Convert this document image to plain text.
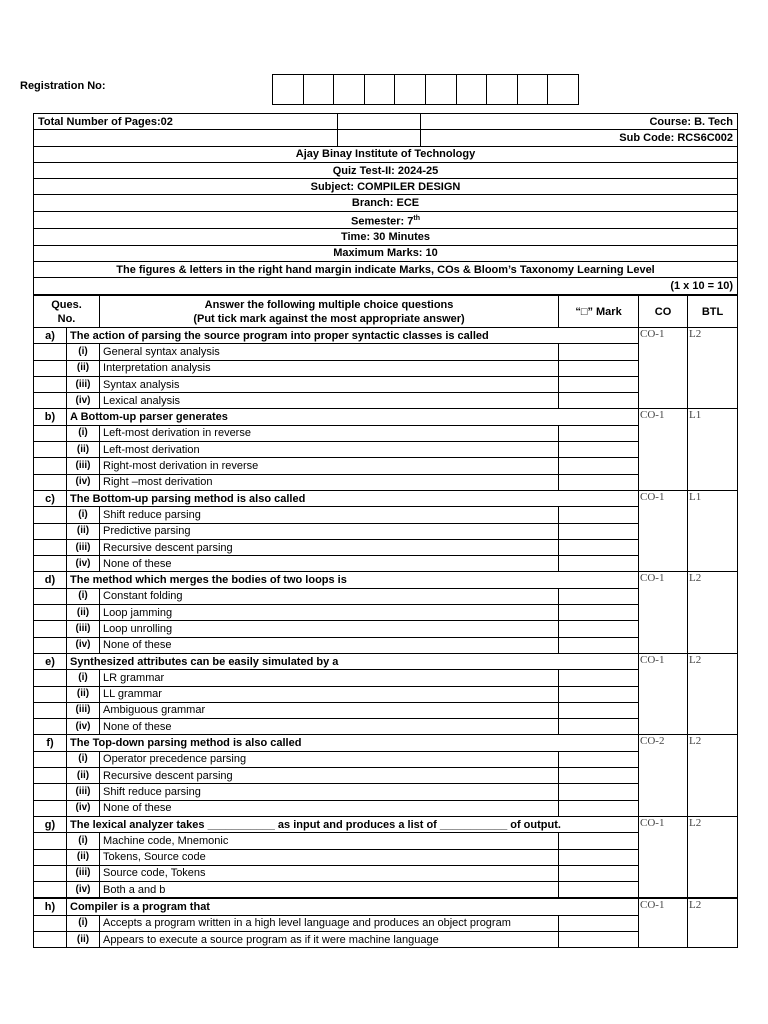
Registration No:
Total Number of Pages:02		Course: B. Tech
		Sub Code: RCS6C002
Ajay Binay Institute of Technology		
Quiz Test-II: 2024-25		
Subject: COMPILER DESIGN		
Branch: ECE		
Semester: 7th
Time: 30 Minutes		
Maximum Marks: 10		
The figures & letters in the right hand margin indicate Marks, COs & Bloom’s Taxonomy Learning Level		
(1 x 10 = 10)		
Ques.
No.		Answer the following multiple choice questions
(Put tick mark against the most appropriate answer)	“□” Mark	CO	BTL
a)	The action of parsing the source program into proper syntactic classes is called			CO-1	L2
	(i)	General syntax analysis			
	(ii)	Interpretation analysis			
	(iii)	Syntax analysis			
	(iv)	Lexical analysis			
b)	A Bottom-up parser generates			CO-1	L1
	(i)	Left-most derivation in reverse			
	(ii)	Left-most derivation			
	(iii)	Right-most derivation in reverse			
	(iv)	Right –most derivation			
c)	The Bottom-up parsing method is also called			CO-1	L1
	(i)	Shift reduce parsing			
	(ii)	Predictive parsing			
	(iii)	Recursive descent parsing			
	(iv)	None of these			
d)	The method which merges the bodies of two loops is			CO-1	L2
	(i)	Constant folding			
	(ii)	Loop jamming			
	(iii)	Loop unrolling			
	(iv)	None of these			
e)	Synthesized attributes can be easily simulated by a			CO-1	L2
	(i)	LR grammar			
	(ii)	LL grammar			
	(iii)	Ambiguous grammar			
	(iv)	None of these			
f)	The Top-down parsing method is also called			CO-2	L2
	(i)	Operator precedence parsing			
	(ii)	Recursive descent parsing			
	(iii)	Shift reduce parsing			
	(iv)	None of these			
g)	The lexical analyzer takes ___________ as input and produces a list of ___________ of output.			CO-1	L2
	(i)	Machine code, Mnemonic			
	(ii)	Tokens, Source code			
	(iii)	Source code, Tokens			
	(iv)	Both a and b			
h)	Compiler is a program that			CO-1	L2
	(i)	Accepts a program written in a high level language and produces an object program			
	(ii)	Appears to execute a source program as if it were machine language			
